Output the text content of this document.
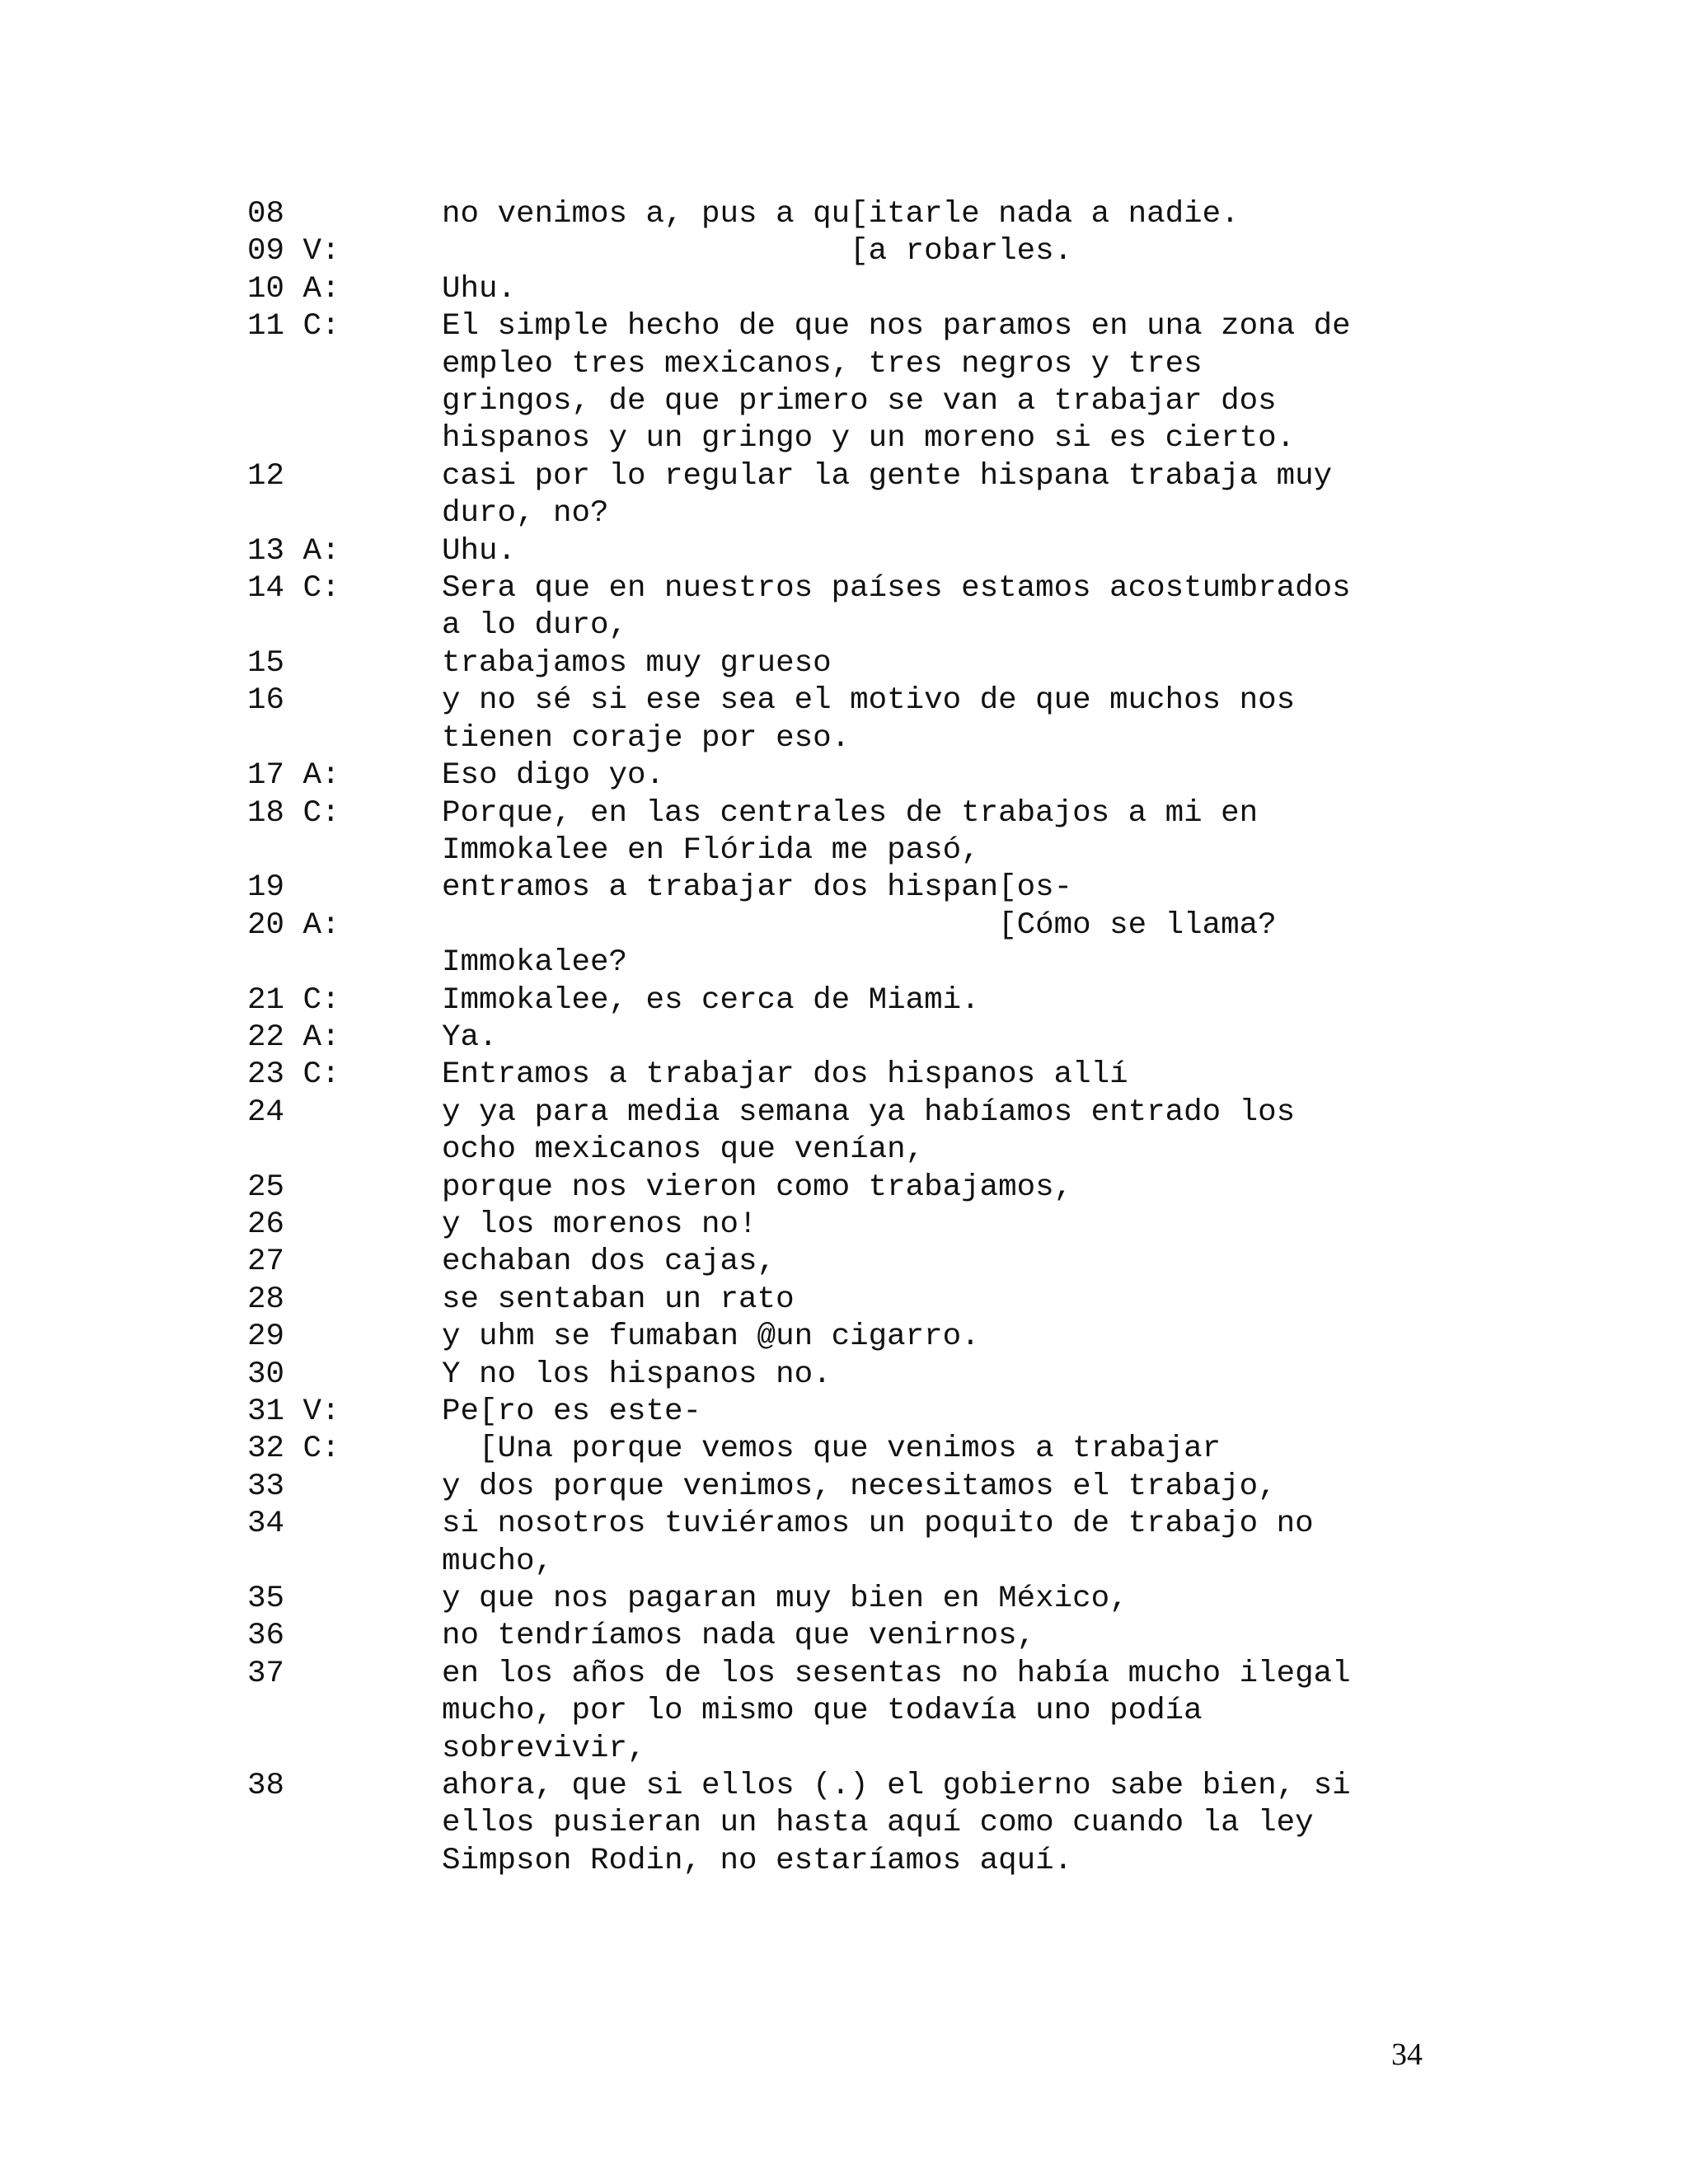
08	no venimos a, pus a qu[itarle nada a nadie.
09 V:	[a robarles.
10 A:	Uhu.
11 C:	El simple hecho de que nos paramos en una zona de
empleo tres mexicanos, tres negros y tres
gringos, de que primero se van a trabajar dos
hispanos y un gringo y un moreno si es cierto.
12	casi por lo regular la gente hispana trabaja muy
duro, no?
13 A:	Uhu.
14 C:	Sera que en nuestros países estamos acostumbrados
a lo duro,
15	trabajamos muy grueso
16	y no sé si ese sea el motivo de que muchos nos
tienen coraje por eso.
17 A:	Eso digo yo.
18 C:	Porque, en las centrales de trabajos a mi en
Immokalee en Flórida me pasó,
19	entramos a trabajar dos hispan[os-
20 A:	[Cómo se llama?
Immokalee?
21 C:	Immokalee, es cerca de Miami.
22 A:	Ya.
23 C:	Entramos a trabajar dos hispanos allí
24	y ya para media semana ya habíamos entrado los
ocho mexicanos que venían,
25	porque nos vieron como trabajamos,
26	y los morenos no!
27	echaban dos cajas,
28	se sentaban un rato
29	y uhm se fumaban @un cigarro.
30	Y no los hispanos no.
31 V:	Pe[ro es este-
32 C:	[Una porque vemos que venimos a trabajar
33	y dos porque venimos, necesitamos el trabajo,
34	si nosotros tuviéramos un poquito de trabajo no
mucho,
35	y que nos pagaran muy bien en México,
36	no tendríamos nada que venirnos,
37	en los años de los sesentas no había mucho ilegal
mucho, por lo mismo que todavía uno podía
sobrevivir,
38	ahora, que si ellos (.) el gobierno sabe bien, si
ellos pusieran un hasta aquí como cuando la ley
Simpson Rodin, no estaríamos aquí.
34
